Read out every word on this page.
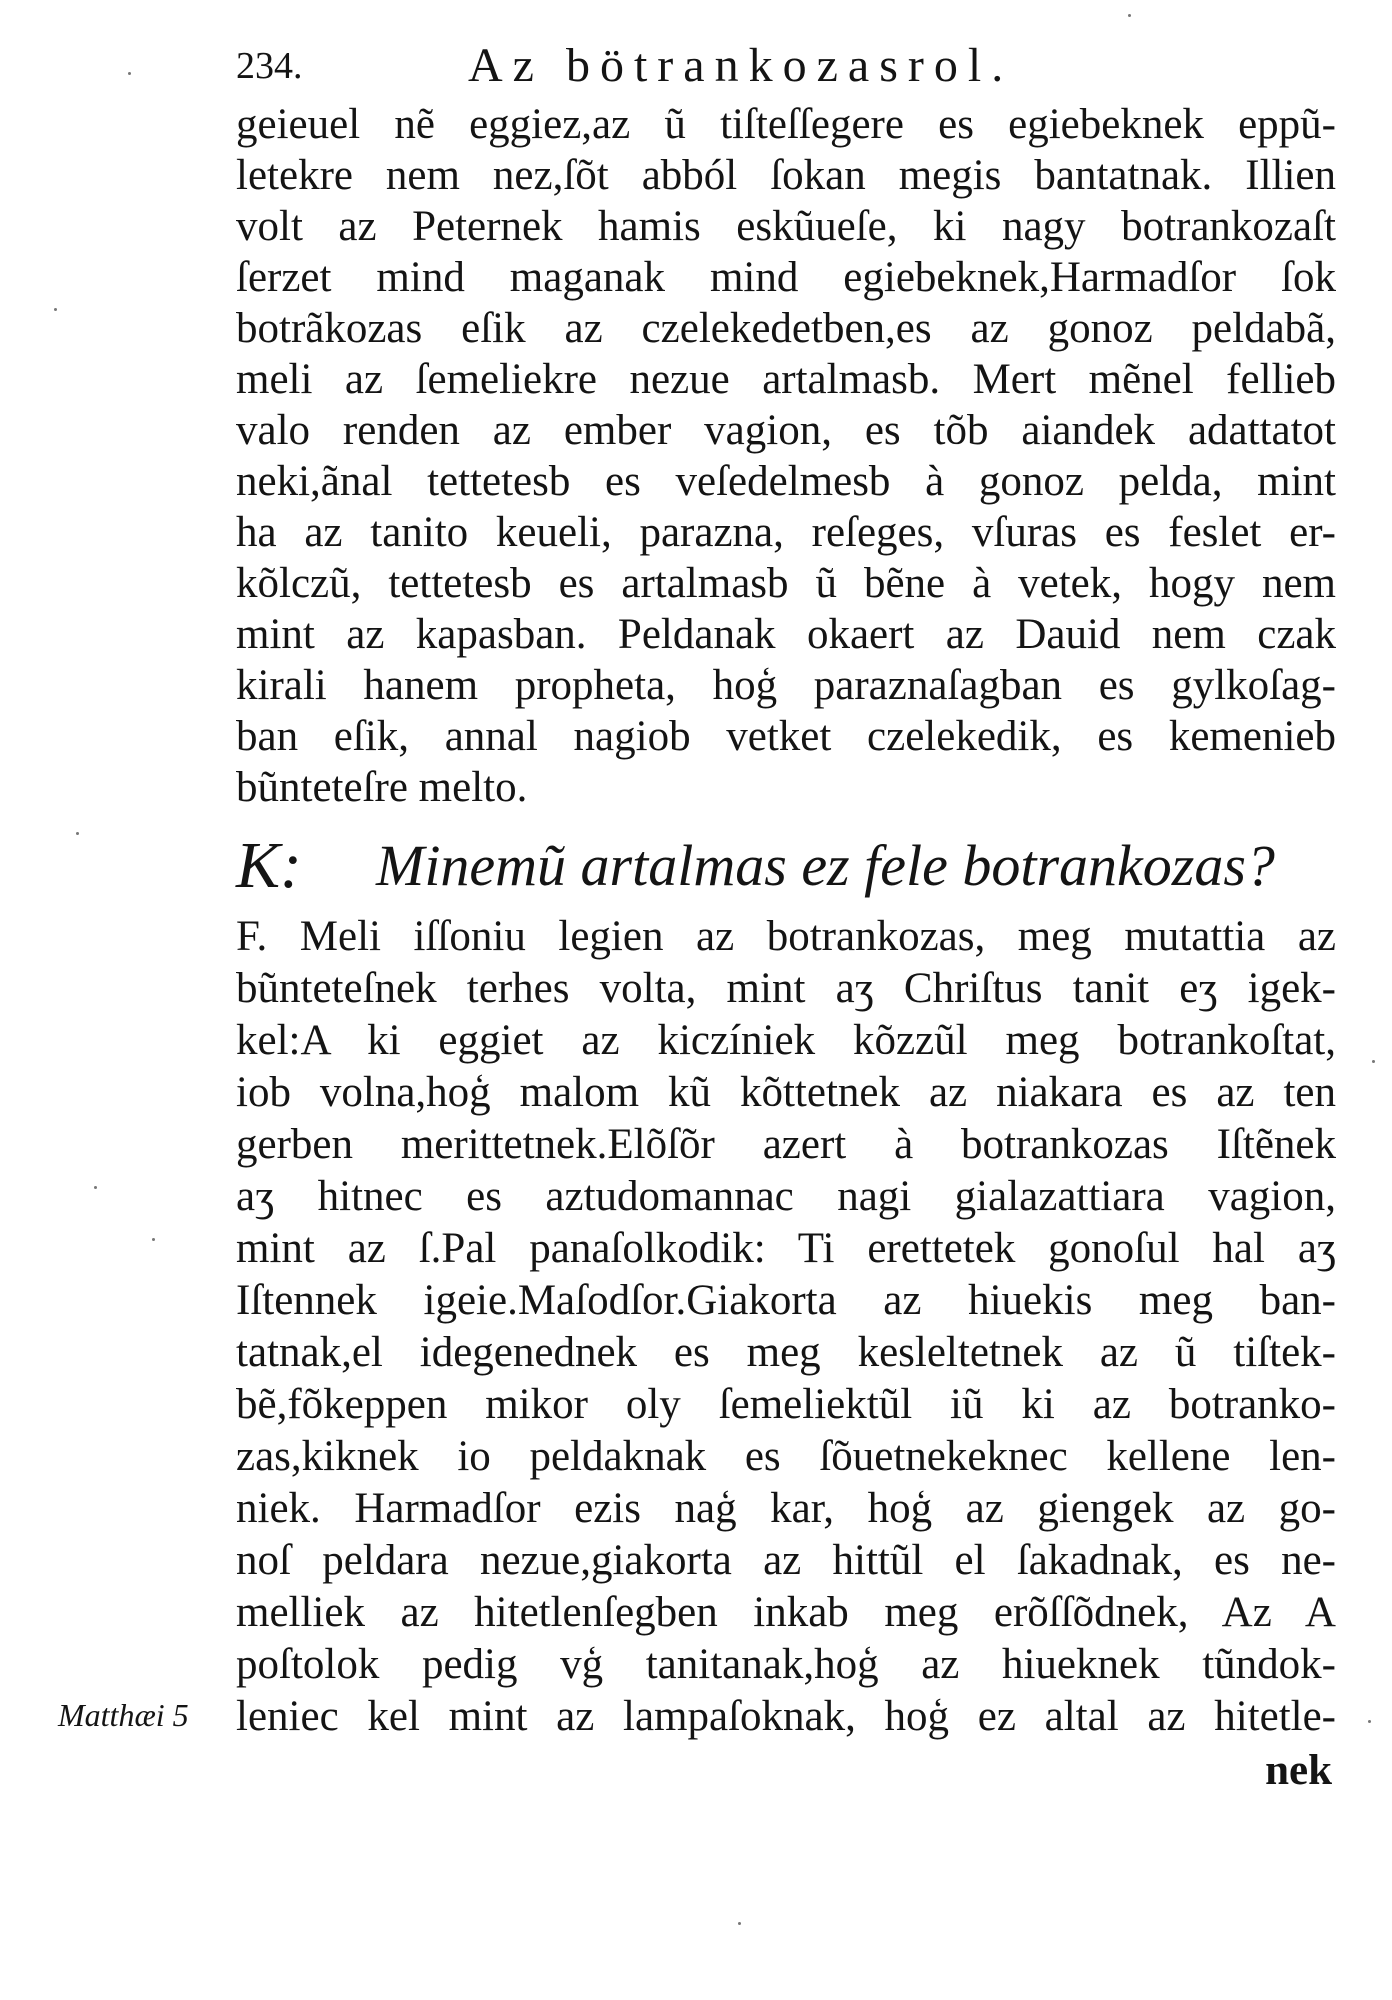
234.	Az bötrankozasrol.
geieuel nẽ eggiez,az ũ tiſteſſegere es egiebeknek eppũ-
letekre nem nez,ſõt abból ſokan megis bantatnak. Illien
volt az Peternek hamis eskũueſe, ki nagy botrankozaſt
ſerzet mind maganak mind egiebeknek,Harmadſor ſok
botrãkozas eſik az czelekedetben,es az gonoz peldabã,
meli az ſemeliekre nezue artalmasb. Mert mẽnel fellieb
valo renden az ember vagion, es tõb aiandek adattatot
neki,ãnal tettetesb es veſedelmesb à gonoz pelda, mint
ha az tanito keueli, parazna, reſeges, vſuras es feslet er-
kõlczũ, tettetesb es artalmasb ũ bẽne à vetek, hogy nem
mint az kapasban. Peldanak okaert az Dauid nem czak
kirali hanem propheta, hoģ paraznaſagban es gylkoſag-
ban eſik, annal nagiob vetket czelekedik, es kemenieb
bũnteteſre melto.
K: Minemũ artalmas ez fele botrankozas?
F. Meli iſſoniu legien az botrankozas, meg mutattia az
bũnteteſnek terhes volta, mint aʒ Chriſtus tanit eʒ igek-
kel:A ki eggiet az kiczíniek kõzzũl meg botrankoſtat,
iob volna,hoģ malom kũ kõttetnek az niakara es az ten
gerben merittetnek.Elõſõr azert à botrankozas Iſtẽnek
aʒ hitnec es aztudomannac nagi gialazattiara vagion,
mint az ſ.Pal panaſolkodik: Ti erettetek gonoſul hal aʒ
Iſtennek igeie.Maſodſor.Giakorta az hiuekis meg ban-
tatnak,el idegenednek es meg kesleltetnek az ũ tiſtek-
bẽ,fõkeppen mikor oly ſemeliektũl iũ ki az botranko-
zas,kiknek io peldaknak es ſõuetnekeknec kellene len-
niek. Harmadſor ezis naģ kar, hoģ az giengek az go-
noſ peldara nezue,giakorta az hittũl el ſakadnak, es ne-
melliek az hitetlenſegben inkab meg erõſſõdnek, Az A
poſtolok pedig vģ tanitanak,hoģ az hiueknek tũndok-
leniec kel mint az lampaſoknak, hoģ ez altal az hitetle-
Matthæi 5
nek
